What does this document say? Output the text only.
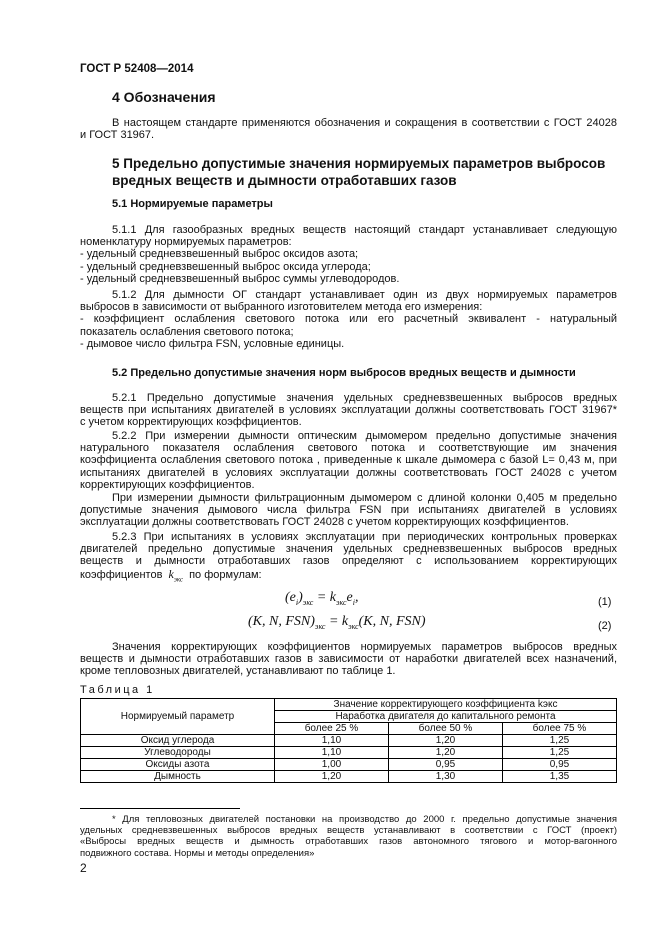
ГОСТ Р 52408—2014
4 Обозначения
В настоящем стандарте применяются обозначения и сокращения в соответствии с ГОСТ 24028
и ГОСТ 31967.
5 Предельно допустимые значения нормируемых параметров выбросов
вредных веществ и дымности отработавших газов
5.1 Нормируемые параметры
5.1.1 Для газообразных вредных веществ настоящий стандарт устанавливает следующую
номенклатуру нормируемых параметров:
- удельный средневзвешенный выброс оксидов азота;
- удельный средневзвешенный выброс оксида углерода;
- удельный средневзвешенный выброс суммы углеводородов.
5.1.2 Для дымности ОГ стандарт устанавливает один из двух нормируемых параметров
выбросов в зависимости от выбранного изготовителем метода его измерения:
- коэффициент ослабления светового потока или его расчетный эквивалент - натуральный
показатель ослабления светового потока;
- дымовое число фильтра FSN, условные единицы.
5.2 Предельно допустимые значения норм выбросов вредных веществ и дымности
5.2.1 Предельно допустимые значения удельных средневзвешенных выбросов вредных
веществ при испытаниях двигателей в условиях эксплуатации должны соответствовать ГОСТ 31967*
с учетом корректирующих коэффициентов.
5.2.2 При измерении дымности оптическим дымомером предельно допустимые значения
натурального показателя ослабления светового потока и соответствующие им значения
коэффициента ослабления светового потока , приведенные к шкале дымомера с базой L= 0,43 м, при
испытаниях двигателей в условиях эксплуатации должны соответствовать ГОСТ 24028 с учетом
корректирующих коэффициентов.
При измерении дымности фильтрационным дымомером с длиной колонки 0,405 м предельно
допустимые значения дымового числа фильтра FSN при испытаниях двигателей в условиях
эксплуатации должны соответствовать ГОСТ 24028 с учетом корректирующих коэффициентов.
5.2.3 При испытаниях в условиях эксплуатации при периодических контрольных проверках
двигателей предельно допустимые значения удельных средневзвешенных выбросов вредных
веществ и дымности отработавших газов определяют с использованием корректирующих
коэффициентов $k_{экс}$ по формулам:
$(e_i)_{экс} = k_{экс}e_i$,	(1)
(K, N, $FSN)_{экс} = k_{экс}(K$, N, FSN)	(2)
Значения корректирующих коэффициентов нормируемых параметров выбросов вредных
веществ и дымности отработавших газов в зависимости от наработки двигателей всех назначений,
кроме тепловозных двигателей, устанавливают по таблице 1.
Таблица 1
Нормируемый параметр	Значение корректирующего коэффициента kэкс		
	Наработка двигателя до капитального ремонта		
	более 25 %	более 50 %	более 75 %
Оксид углерода	1,10	1,20	1,25
Углеводороды	1,10	1,20	1,25
Оксиды азота	1,00	0,95	0,95
Дымность	1,20	1,30	1,35
* Для тепловозных двигателей постановки на производство до 2000 г. предельно допустимые значения
удельных средневзвешенных выбросов вредных веществ устанавливают в соответствии с ГОСТ (проект)
«Выбросы вредных веществ и дымность отработавших газов автономного тягового и мотор-вагонного
подвижного состава. Нормы и методы определения»
2
